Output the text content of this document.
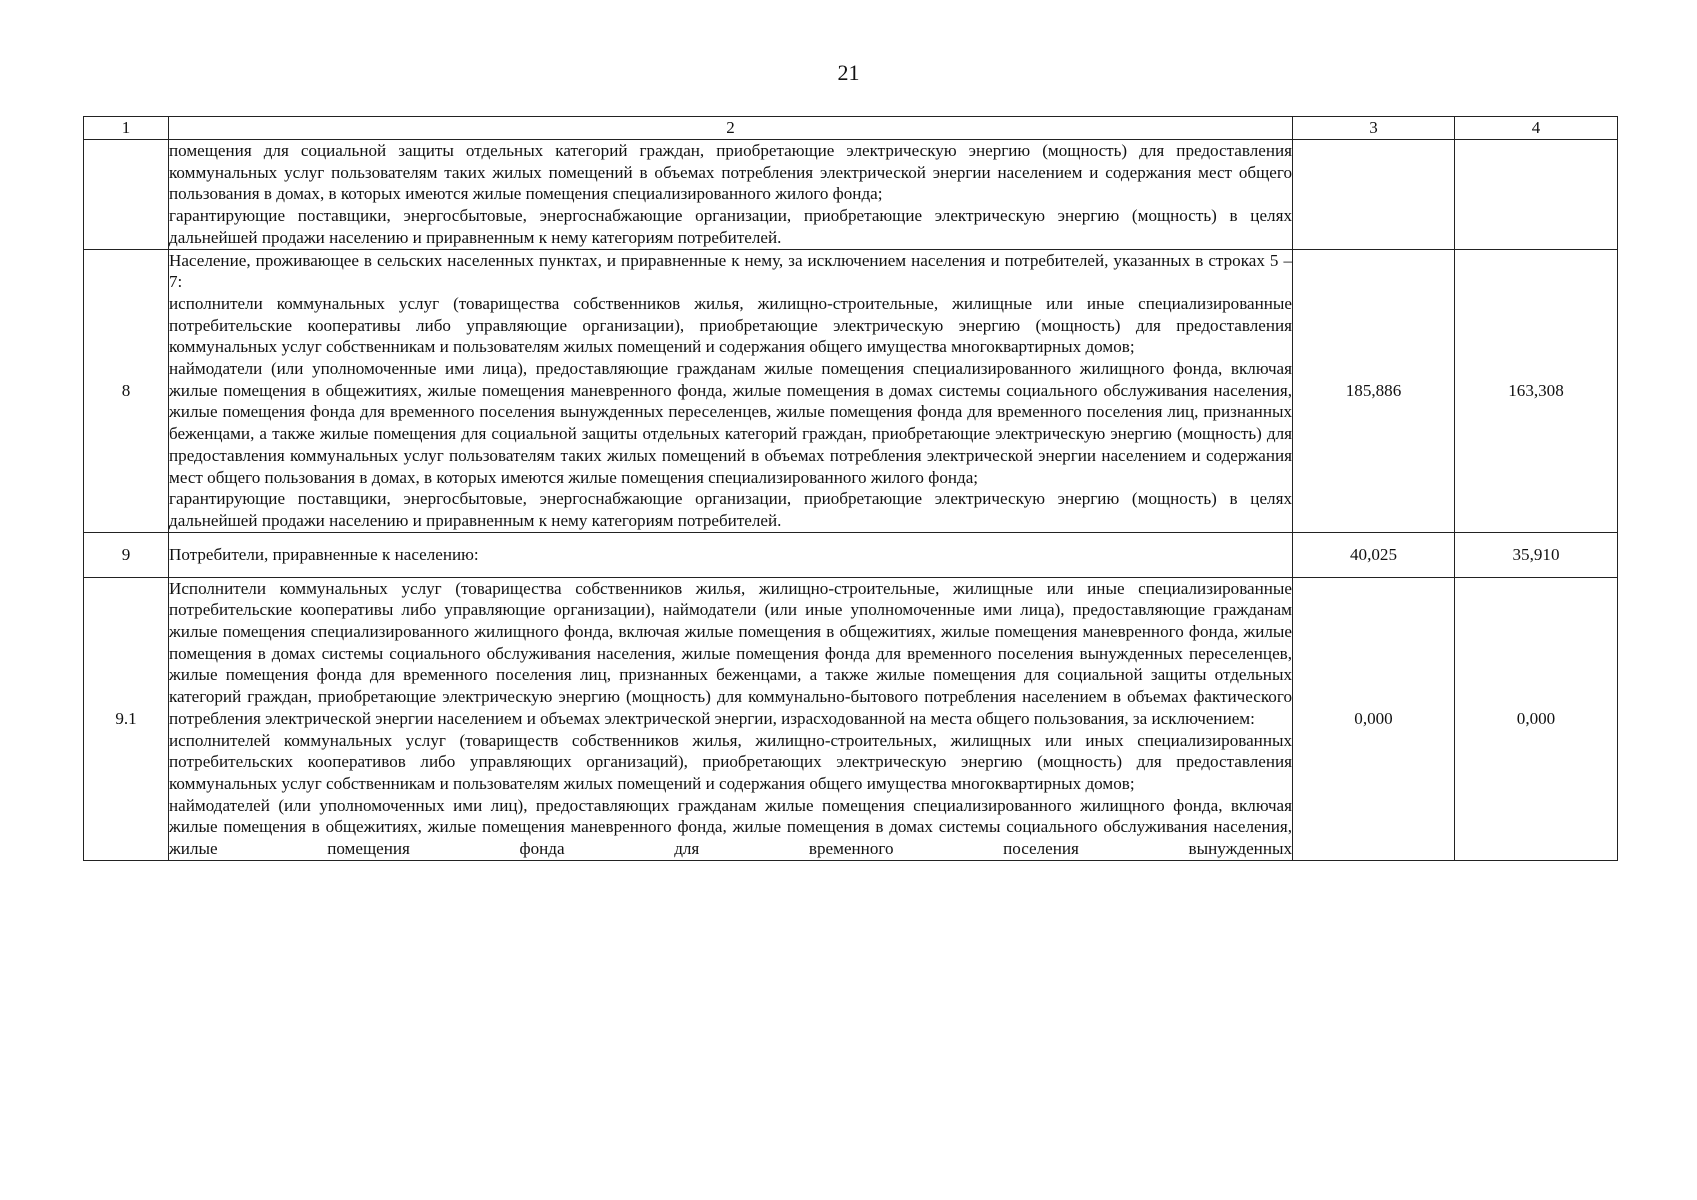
21
1	2	3	4

	помещения для социальной защиты отдельных категорий граждан, приобретающие электрическую энергию (мощность) для предоставления коммунальных услуг пользователям таких жилых помещений в объемах потребления электрической энергии населением и содержания мест общего пользования в домах, в которых имеются жилые помещения специализированного жилого фонда;

гарантирующие поставщики, энергосбытовые, энергоснабжающие организации, приобретающие электрическую энергию (мощность) в целях дальнейшей продажи населению и приравненным к нему категориям потребителей.		

8	Население, проживающее в сельских населенных пунктах, и приравненные к нему, за исключением населения и потребителей, указанных в строках 5 – 7:

исполнители коммунальных услуг (товарищества собственников жилья, жилищно-строительные, жилищные или иные специализированные потребительские кооперативы либо управляющие организации), приобретающие электрическую энергию (мощность) для предоставления коммунальных услуг собственникам и пользователям жилых помещений и содержания общего имущества многоквартирных домов;

наймодатели (или уполномоченные ими лица), предоставляющие гражданам жилые помещения специализированного жилищного фонда, включая жилые помещения в общежитиях, жилые помещения маневренного фонда, жилые помещения в домах системы социального обслуживания населения, жилые помещения фонда для временного поселения вынужденных переселенцев, жилые помещения фонда для временного поселения лиц, признанных беженцами, а также жилые помещения для социальной защиты отдельных категорий граждан, приобретающие электрическую энергию (мощность) для предоставления коммунальных услуг пользователям таких жилых помещений в объемах потребления электрической энергии населением и содержания мест общего пользования в домах, в которых имеются жилые помещения специализированного жилого фонда;

гарантирующие поставщики, энергосбытовые, энергоснабжающие организации, приобретающие электрическую энергию (мощность) в целях дальнейшей продажи населению и приравненным к нему категориям потребителей.	185,886	163,308
9	Потребители, приравненные к населению:	40,025	35,910
9.1	Исполнители коммунальных услуг (товарищества собственников жилья, жилищно-строительные, жилищные или иные специализированные потребительские кооперативы либо управляющие организации), наймодатели (или иные уполномоченные ими лица), предоставляющие гражданам жилые помещения специализированного жилищного фонда, включая жилые помещения в общежитиях, жилые помещения маневренного фонда, жилые помещения в домах системы социального обслуживания населения, жилые помещения фонда для временного поселения вынужденных переселенцев, жилые помещения фонда для временного поселения лиц, признанных беженцами, а также жилые помещения для социальной защиты отдельных категорий граждан, приобретающие электрическую энергию (мощность) для коммунально-бытового потребления населением в объемах фактического потребления электрической энергии населением и объемах электрической энергии, израсходованной на места общего пользования, за исключением:

исполнителей коммунальных услуг (товариществ собственников жилья, жилищно-строительных, жилищных или иных специализированных потребительских кооперативов либо управляющих организаций), приобретающих электрическую энергию (мощность) для предоставления коммунальных услуг собственникам и пользователям жилых помещений и содержания общего имущества многоквартирных домов;

наймодателей (или уполномоченных ими лиц), предоставляющих гражданам жилые помещения специализированного жилищного фонда, включая жилые помещения в общежитиях, жилые помещения маневренного фонда, жилые помещения в домах системы социального обслуживания населения, жилые помещения фонда для временного поселения вынужденных	0,000	0,000
